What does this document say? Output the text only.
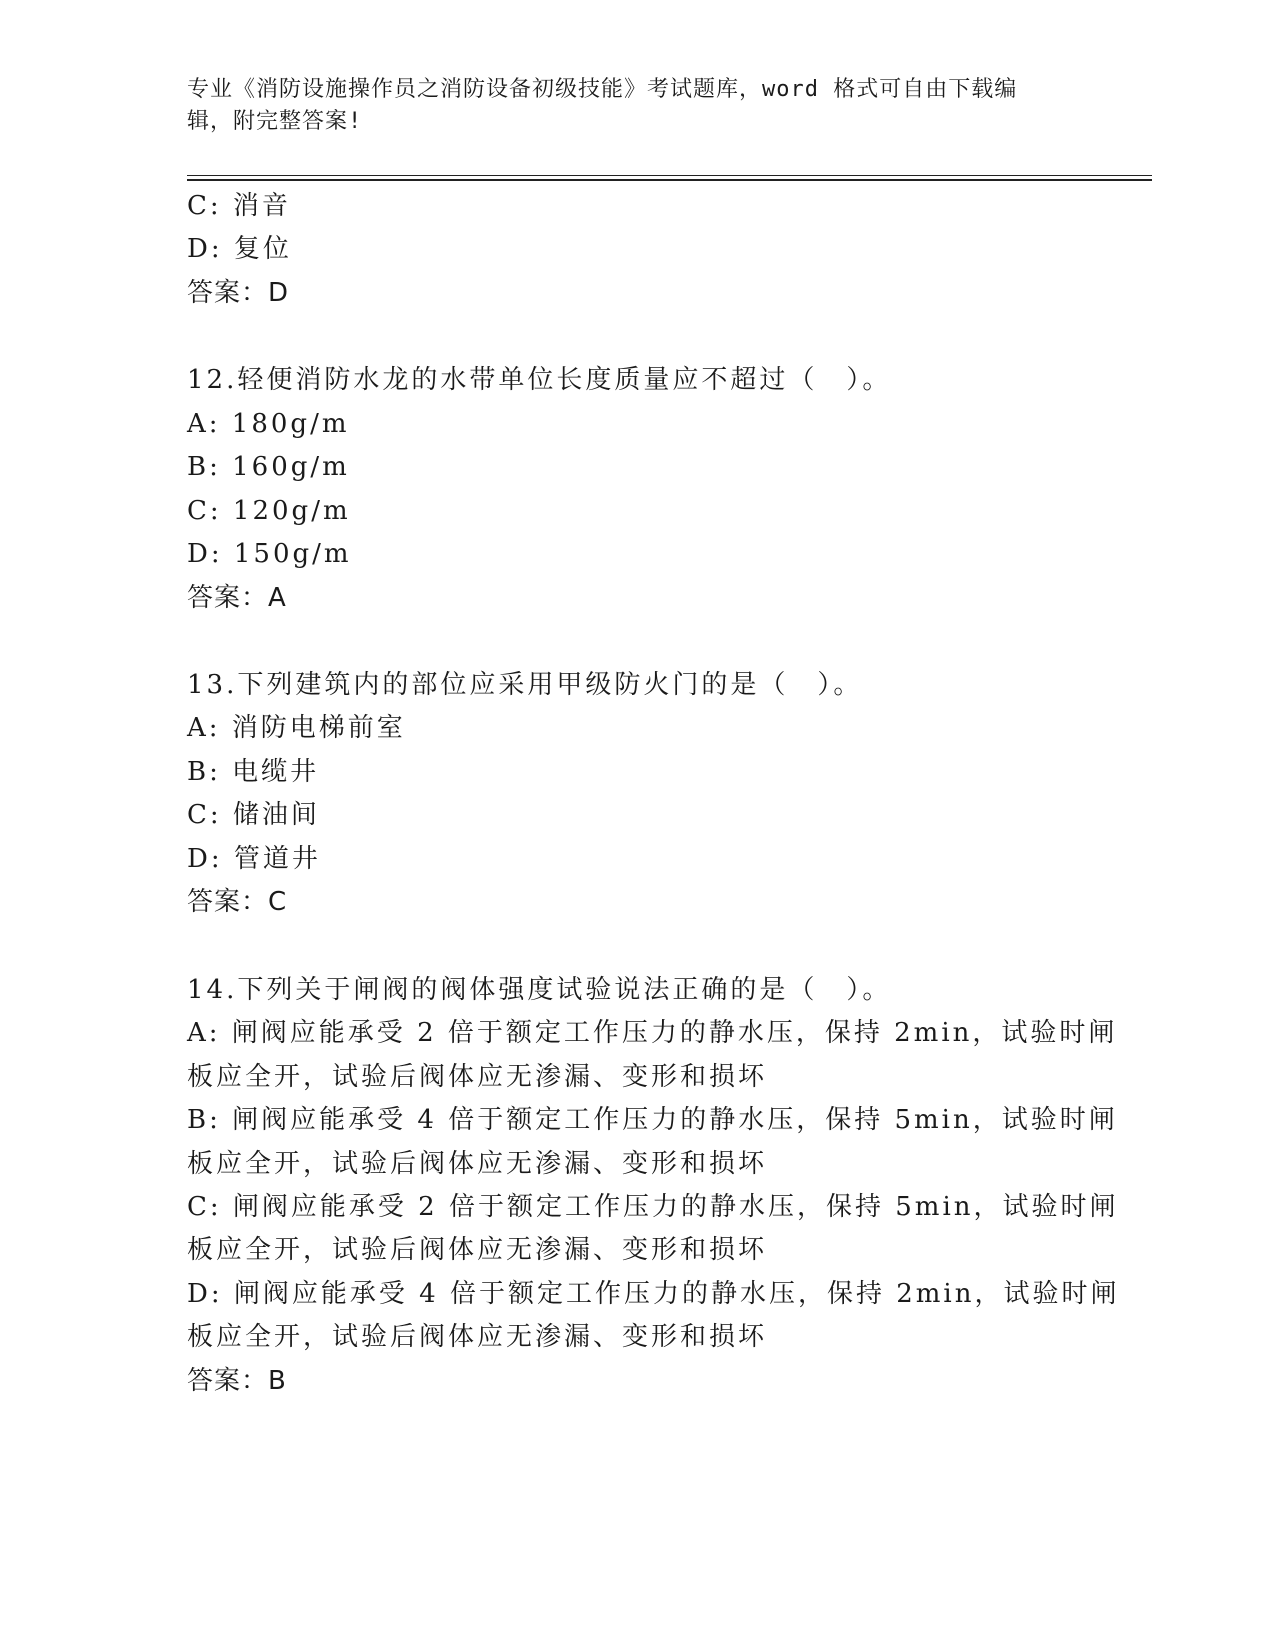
专业《消防设施操作员之消防设备初级技能》考试题库，word 格式可自由下载编
辑，附完整答案!
C: 消音
D: 复位
答案：D
12.轻便消防水龙的水带单位长度质量应不超过（　）。
A: 180g/m
B: 160g/m
C: 120g/m
D: 150g/m
答案：A
13.下列建筑内的部位应采用甲级防火门的是（　）。
A: 消防电梯前室
B: 电缆井
C: 储油间
D: 管道井
答案：C
14.下列关于闸阀的阀体强度试验说法正确的是（　）。
A: 闸阀应能承受 2 倍于额定工作压力的静水压，保持 2min，试验时闸
板应全开，试验后阀体应无渗漏、变形和损坏
B: 闸阀应能承受 4 倍于额定工作压力的静水压，保持 5min，试验时闸
板应全开，试验后阀体应无渗漏、变形和损坏
C: 闸阀应能承受 2 倍于额定工作压力的静水压，保持 5min，试验时闸
板应全开，试验后阀体应无渗漏、变形和损坏
D: 闸阀应能承受 4 倍于额定工作压力的静水压，保持 2min，试验时闸
板应全开，试验后阀体应无渗漏、变形和损坏
答案：B
